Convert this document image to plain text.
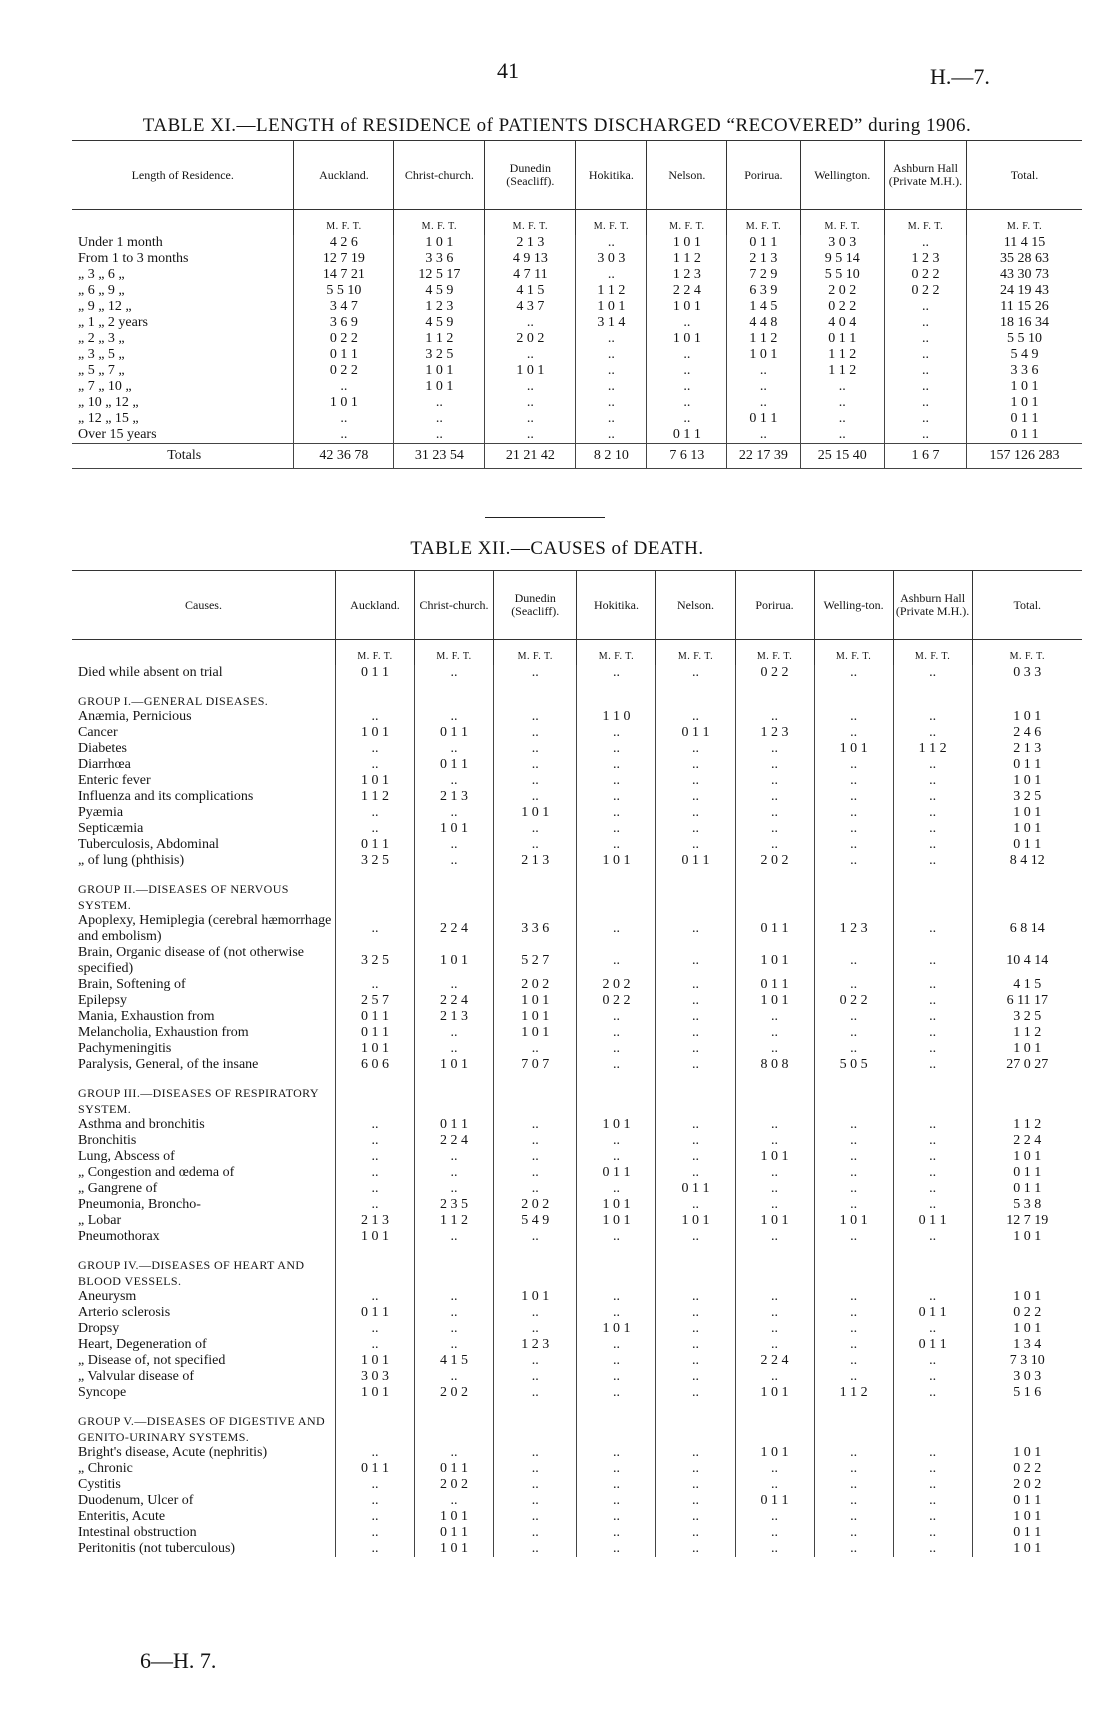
41	H.—7.
TABLE XI.—LENGTH of RESIDENCE of PATIENTS DISCHARGED “RECOVERED” during 1906.
Length of Residence.	Auckland.	Christ-church.	Dunedin (Seacliff).	Hokitika.	Nelson.	Porirua.	Wellington.	Ashburn Hall (Private M.H.).	Total.
	M. F. T.	M. F. T.	M. F. T.	M. F. T.	M. F. T.	M. F. T.	M. F. T.	M. F. T.	M. F. T.
Under 1 month	4 2 6	1 0 1	2 1 3	..	1 0 1	0 1 1	3 0 3	..	11 4 15
From 1 to 3 months	12 7 19	3 3 6	4 9 13	3 0 3	1 1 2	2 1 3	9 5 14	1 2 3	35 28 63
„ 3 „ 6 „	14 7 21	12 5 17	4 7 11	..	1 2 3	7 2 9	5 5 10	0 2 2	43 30 73
„ 6 „ 9 „	5 5 10	4 5 9	4 1 5	1 1 2	2 2 4	6 3 9	2 0 2	0 2 2	24 19 43
„ 9 „ 12 „	3 4 7	1 2 3	4 3 7	1 0 1	1 0 1	1 4 5	0 2 2	..	11 15 26
„ 1 „ 2 years	3 6 9	4 5 9	..	3 1 4	..	4 4 8	4 0 4	..	18 16 34
„ 2 „ 3 „	0 2 2	1 1 2	2 0 2	..	1 0 1	1 1 2	0 1 1	..	5 5 10
„ 3 „ 5 „	0 1 1	3 2 5	..	..	..	1 0 1	1 1 2	..	5 4 9
„ 5 „ 7 „	0 2 2	1 0 1	1 0 1	..	..	..	1 1 2	..	3 3 6
„ 7 „ 10 „	..	1 0 1	..	..	..	..	..	..	1 0 1
„ 10 „ 12 „	1 0 1	..	..	..	..	..	..	..	1 0 1
„ 12 „ 15 „	..	..	..	..	..	0 1 1	..	..	0 1 1
Over 15 years	..	..	..	..	0 1 1	..	..	..	0 1 1
Totals	42 36 78	31 23 54	21 21 42	8 2 10	7 6 13	22 17 39	25 15 40	1 6 7	157 126 283
TABLE XII.—CAUSES of DEATH.
Causes.	Auckland.	Christ-church.	Dunedin (Seacliff).	Hokitika.	Nelson.	Porirua.	Welling-ton.	Ashburn Hall (Private M.H.).	Total.
	M. F. T.	M. F. T.	M. F. T.	M. F. T.	M. F. T.	M. F. T.	M. F. T.	M. F. T.	M. F. T.
Died while absent on trial	0 1 1	..	..	..	..	0 2 2	..	..	0 3 3
GROUP I.—GENERAL DISEASES.									
Anæmia, Pernicious	..	..	..	1 1 0	..	..	..	..	1 0 1
Cancer	1 0 1	0 1 1	..	..	0 1 1	1 2 3	..	..	2 4 6
Diabetes	..	..	..	..	..	..	1 0 1	1 1 2	2 1 3
Diarrhœa	..	0 1 1	..	..	..	..	..	..	0 1 1
Enteric fever	1 0 1	..	..	..	..	..	..	..	1 0 1
Influenza and its complications	1 1 2	2 1 3	..	..	..	..	..	..	3 2 5
Pyæmia	..	..	1 0 1	..	..	..	..	..	1 0 1
Septicæmia	..	1 0 1	..	..	..	..	..	..	1 0 1
Tuberculosis, Abdominal	0 1 1	..	..	..	..	..	..	..	0 1 1
„ of lung (phthisis)	3 2 5	..	2 1 3	1 0 1	0 1 1	2 0 2	..	..	8 4 12
GROUP II.—DISEASES OF NERVOUS SYSTEM.									
Apoplexy, Hemiplegia (cerebral hæmorrhage and embolism)	..	2 2 4	3 3 6	..	..	0 1 1	1 2 3	..	6 8 14
Brain, Organic disease of (not otherwise specified)	3 2 5	1 0 1	5 2 7	..	..	1 0 1	..	..	10 4 14
Brain, Softening of	..	..	2 0 2	2 0 2	..	0 1 1	..	..	4 1 5
Epilepsy	2 5 7	2 2 4	1 0 1	0 2 2	..	1 0 1	0 2 2	..	6 11 17
Mania, Exhaustion from	0 1 1	2 1 3	1 0 1	..	..	..	..	..	3 2 5
Melancholia, Exhaustion from	0 1 1	..	1 0 1	..	..	..	..	..	1 1 2
Pachymeningitis	1 0 1	..	..	..	..	..	..	..	1 0 1
Paralysis, General, of the insane	6 0 6	1 0 1	7 0 7	..	..	8 0 8	5 0 5	..	27 0 27
GROUP III.—DISEASES OF RESPIRATORY SYSTEM.									
Asthma and bronchitis	..	0 1 1	..	1 0 1	..	..	..	..	1 1 2
Bronchitis	..	2 2 4	..	..	..	..	..	..	2 2 4
Lung, Abscess of	..	..	..	..	..	1 0 1	..	..	1 0 1
„ Congestion and œdema of	..	..	..	0 1 1	..	..	..	..	0 1 1
„ Gangrene of	..	..	..	..	0 1 1	..	..	..	0 1 1
Pneumonia, Broncho-	..	2 3 5	2 0 2	1 0 1	..	..	..	..	5 3 8
„ Lobar	2 1 3	1 1 2	5 4 9	1 0 1	1 0 1	1 0 1	1 0 1	0 1 1	12 7 19
Pneumothorax	1 0 1	..	..	..	..	..	..	..	1 0 1
GROUP IV.—DISEASES OF HEART AND BLOOD VESSELS.									
Aneurysm	..	..	1 0 1	..	..	..	..	..	1 0 1
Arterio sclerosis	0 1 1	..	..	..	..	..	..	0 1 1	0 2 2
Dropsy	..	..	..	1 0 1	..	..	..	..	1 0 1
Heart, Degeneration of	..	..	1 2 3	..	..	..	..	0 1 1	1 3 4
„ Disease of, not specified	1 0 1	4 1 5	..	..	..	2 2 4	..	..	7 3 10
„ Valvular disease of	3 0 3	..	..	..	..	..	..	..	3 0 3
Syncope	1 0 1	2 0 2	..	..	..	1 0 1	1 1 2	..	5 1 6
GROUP V.—DISEASES OF DIGESTIVE AND GENITO-URINARY SYSTEMS.									
Bright's disease, Acute (nephritis)	..	..	..	..	..	1 0 1	..	..	1 0 1
„ Chronic	0 1 1	0 1 1	..	..	..	..	..	..	0 2 2
Cystitis	..	2 0 2	..	..	..	..	..	..	2 0 2
Duodenum, Ulcer of	..	..	..	..	..	0 1 1	..	..	0 1 1
Enteritis, Acute	..	1 0 1	..	..	..	..	..	..	1 0 1
Intestinal obstruction	..	0 1 1	..	..	..	..	..	..	0 1 1
Peritonitis (not tuberculous)	..	1 0 1	..	..	..	..	..	..	1 0 1
6—H. 7.
